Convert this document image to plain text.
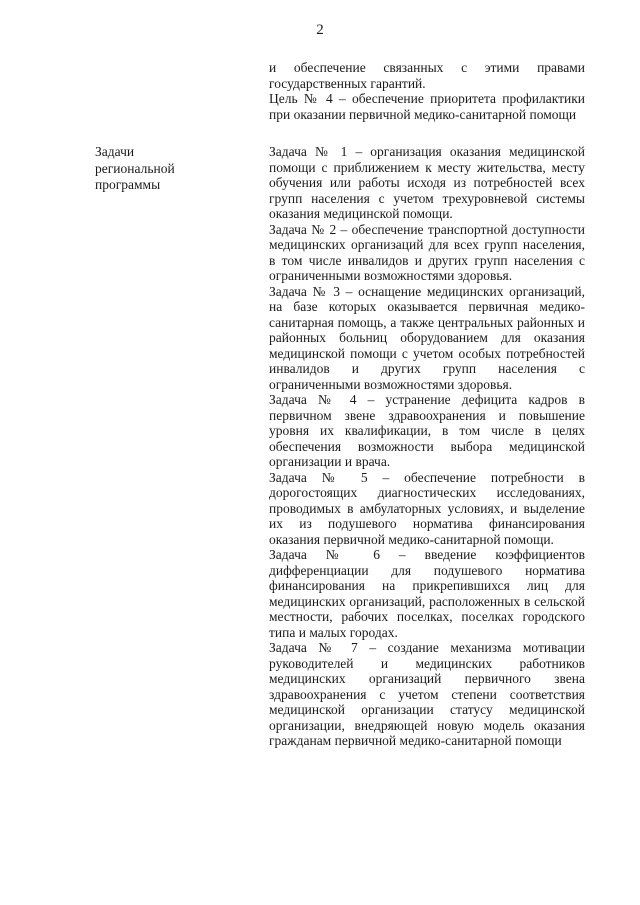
2

и обеспечение связанных с этими правами государственных гарантий.

Цель № 4 – обеспечение приоритета профилактики при оказании первичной медико-санитарной помощи

Задачи
региональной
программы

Задача № 1 – организация оказания медицинской помощи с приближением к месту жительства, месту обучения или работы исходя из потребностей всех групп населения с учетом трехуровневой системы оказания медицинской помощи.

Задача № 2 – обеспечение транспортной доступности медицинских организаций для всех групп населения, в том числе инвалидов и других групп населения с ограниченными возможностями здоровья.

Задача № 3 – оснащение медицинских организаций, на базе которых оказывается первичная медико-санитарная помощь, а также центральных районных и районных больниц оборудованием для оказания медицинской помощи с учетом особых потребностей инвалидов и других групп населения с ограниченными возможностями здоровья.

Задача № 4 – устранение дефицита кадров в первичном звене здравоохранения и повышение уровня их квалификации, в том числе в целях обеспечения возможности выбора медицинской организации и врача.

Задача № 5 – обеспечение потребности в дорогостоящих диагностических исследованиях, проводимых в амбулаторных условиях, и выделение их из подушевого норматива финансирования оказания первичной медико-санитарной помощи.

Задача № 6 – введение коэффициентов дифференциации для подушевого норматива финансирования на прикрепившихся лиц для медицинских организаций, расположенных в сельской местности, рабочих поселках, поселках городского типа и малых городах.

Задача № 7 – создание механизма мотивации руководителей и медицинских работников медицинских организаций первичного звена здравоохранения с учетом степени соответствия медицинской организации статусу медицинской организации, внедряющей новую модель оказания гражданам первичной медико-санитарной помощи
